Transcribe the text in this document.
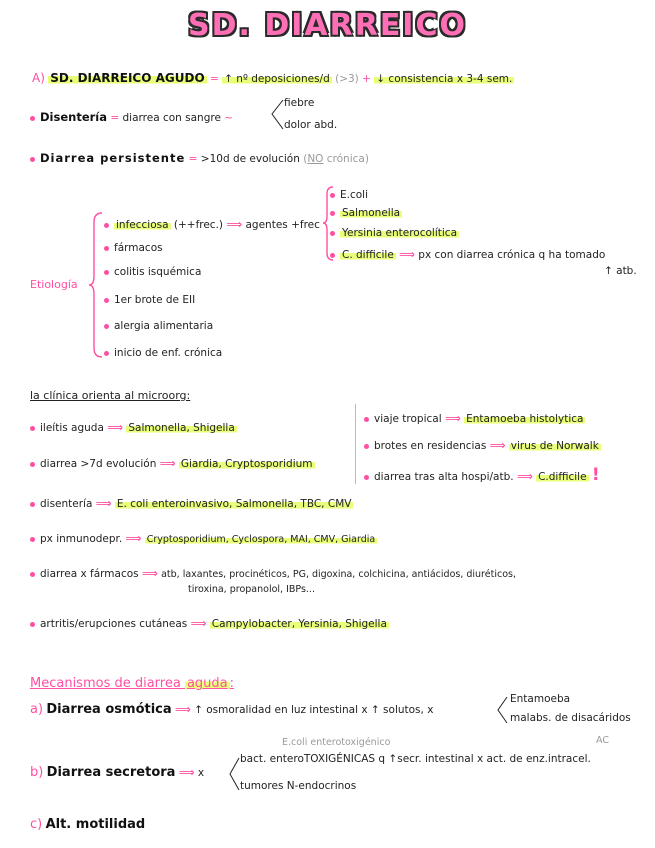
SD. DIARREICO
A) SD. DIARREICO AGUDO = ↑ nº deposiciones/d (>3) + ↓ consistencia x 3-4 sem.
Disentería = diarrea con sangre ~
fiebre
dolor abd.
Diarrea persistente = >10d de evolución (NO crónica)
Etiología
infecciosa (++frec.) ⟹ agentes +frec
fármacos
colitis isquémica
1er brote de EII
alergia alimentaria
inicio de enf. crónica
E.coli
Salmonella
Yersinia enterocolítica
C. difficile ⟹ px con diarrea crónica q ha tomado
↑ atb.
la clínica orienta al microorg:
ileítis aguda ⟹ Salmonella, Shigella
diarrea >7d evolución ⟹ Giardia, Cryptosporidium
disentería ⟹ E. coli enteroinvasivo, Salmonella, TBC, CMV
px inmunodepr. ⟹ Cryptosporidium, Cyclospora, MAI, CMV, Giardia
diarrea x fármacos ⟹ atb, laxantes, procinéticos, PG, digoxina, colchicina, antiácidos, diuréticos,
tiroxina, propanolol, IBPs...
artritis/erupciones cutáneas ⟹ Campylobacter, Yersinia, Shigella
viaje tropical ⟹ Entamoeba histolytica
brotes en residencias ⟹ virus de Norwalk
diarrea tras alta hospi/atb. ⟹ C.difficile !
Mecanismos de diarrea aguda :
a) Diarrea osmótica ⟹ ↑ osmoralidad en luz intestinal x ↑ solutos, x
Entamoeba
malabs. de disacáridos
E.coli enterotoxigénico	AC
b) Diarrea secretora ⟹ x
bact. enteroTOXIGÉNICAS q ↑secr. intestinal x act. de enz.intracel.
tumores N-endocrinos
c) Alt. motilidad
